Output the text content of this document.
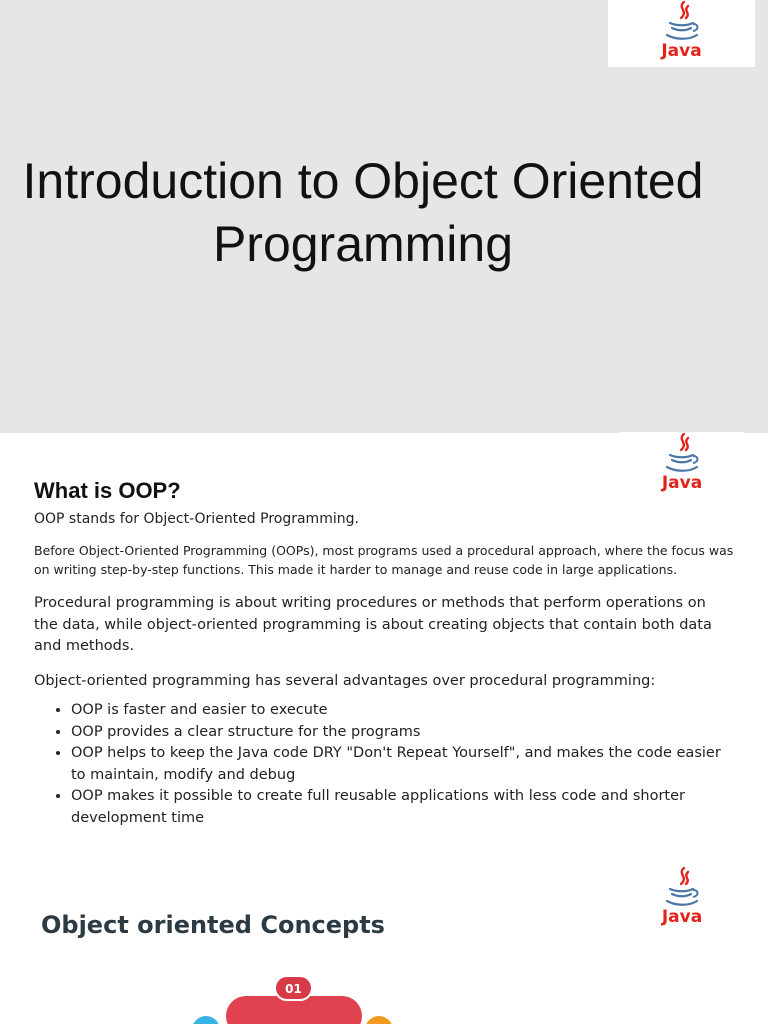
Java
Introduction to Object Oriented Programming
Java
What is OOP?

OOP stands for Object-Oriented Programming.

Before Object-Oriented Programming (OOPs), most programs used a procedural approach, where the focus was on writing step-by-step functions. This made it harder to manage and reuse code in large applications.

Procedural programming is about writing procedures or methods that perform operations on the data, while object-oriented programming is about creating objects that contain both data and methods.

Object-oriented programming has several advantages over procedural programming:

• OOP is faster and easier to execute
• OOP provides a clear structure for the programs
• OOP helps to keep the Java code DRY "Don't Repeat Yourself", and makes the code easier to maintain, modify and debug
• OOP makes it possible to create full reusable applications with less code and shorter development time
Java
Object oriented Concepts
01
